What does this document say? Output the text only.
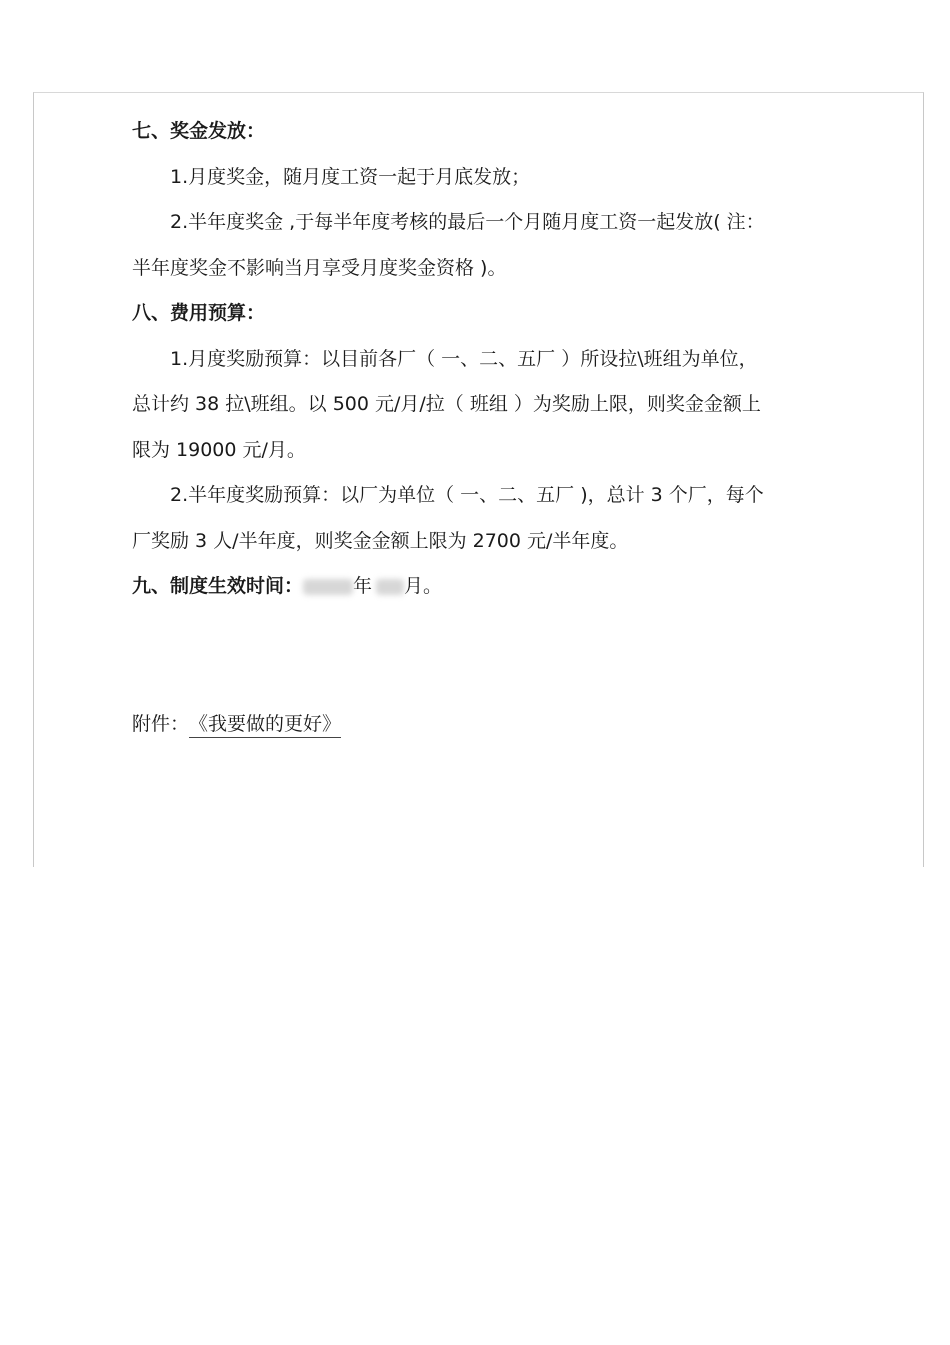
七、奖金发放：
1.月度奖金，随月度工资一起于月底发放；
2.半年度奖金 ,于每半年度考核的最后一个月随月度工资一起发放( 注：
半年度奖金不影响当月享受月度奖金资格 )。
八、费用预算：
1.月度奖励预算：以目前各厂（ 一、二、五厂 ）所设拉\班组为单位，
总计约 38 拉\班组。以 500 元/月/拉（ 班组 ）为奖励上限，则奖金金额上
限为 19000 元/月。
2.半年度奖励预算：以厂为单位（ 一、二、五厂 )，总计 3 个厂，每个
厂奖励 3 人/半年度，则奖金金额上限为 2700 元/半年度。
九、制度生效时间：	年 月。
附件：《我要做的更好》
